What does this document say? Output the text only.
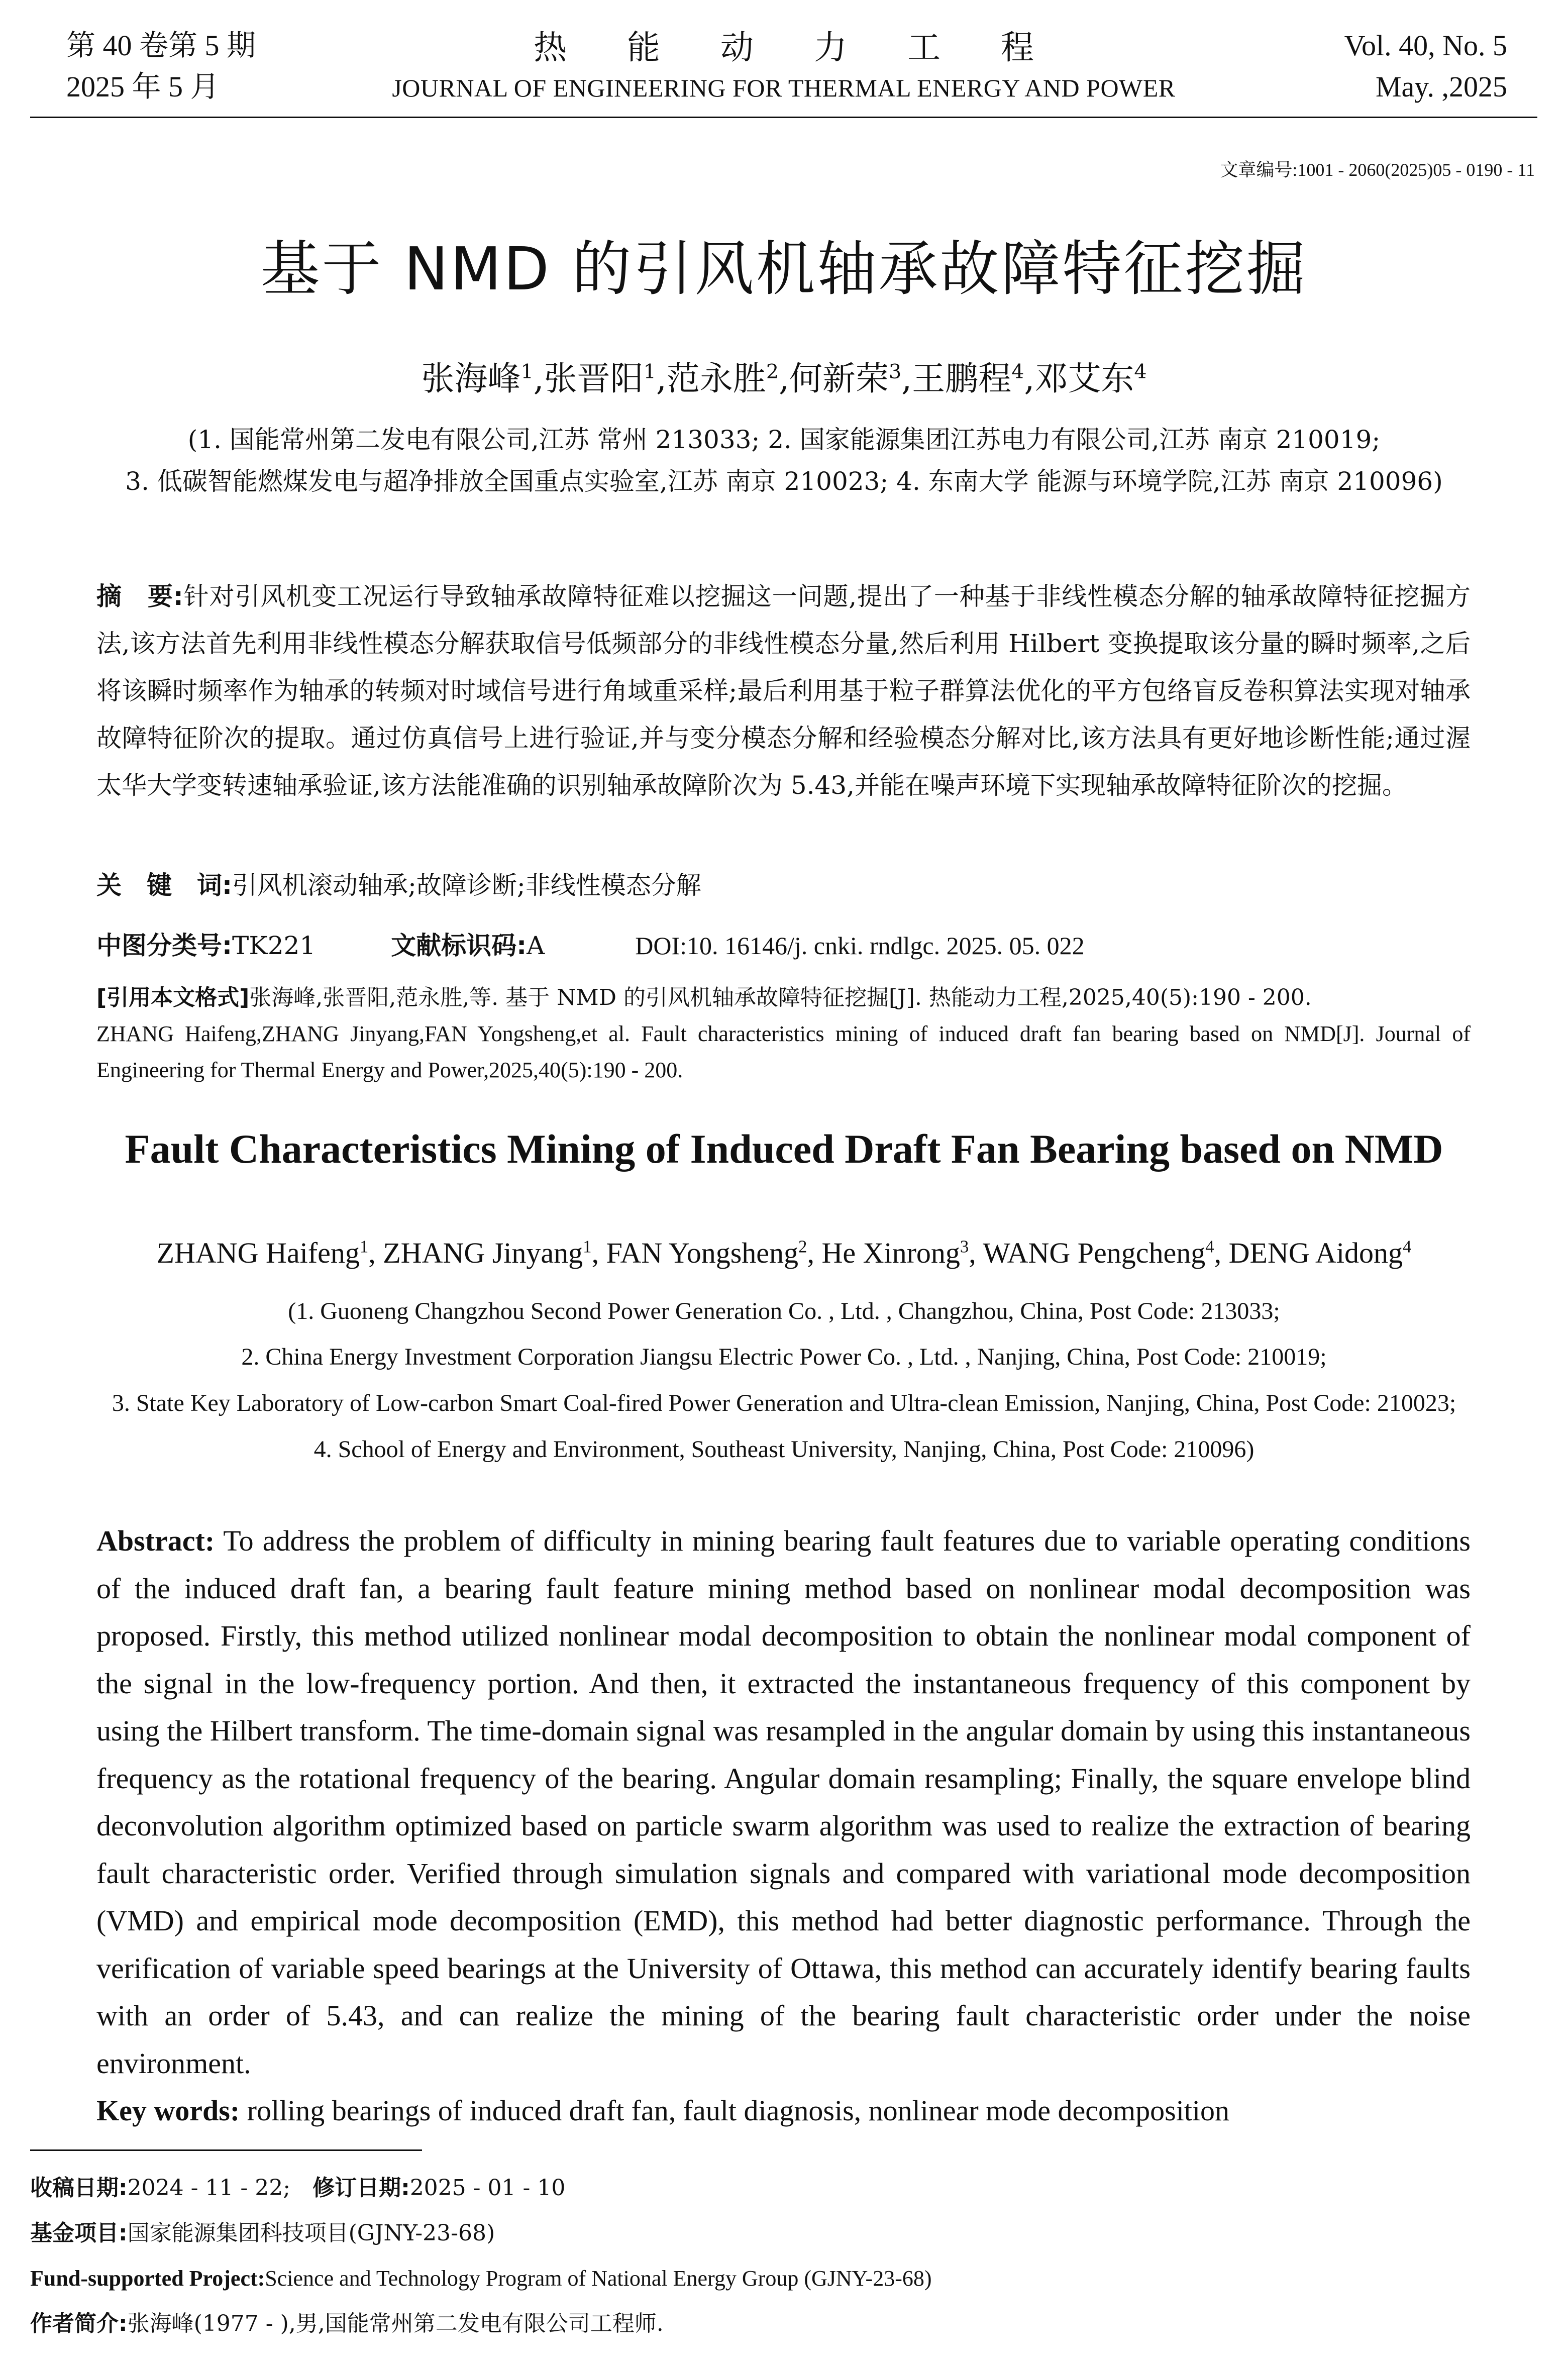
第 40 卷第 5 期
2025 年 5 月
热能动力工程
JOURNAL OF ENGINEERING FOR THERMAL ENERGY AND POWER
Vol. 40, No. 5
May. ,2025
文章编号:1001 - 2060(2025)05 - 0190 - 11
基于 NMD 的引风机轴承故障特征挖掘
张海峰$^1$,张晋阳$^1$,范永胜$^2$,何新荣$^3$,王鹏程$^4$,邓艾东$^4$
(1. 国能常州第二发电有限公司,江苏 常州 213033; 2. 国家能源集团江苏电力有限公司,江苏 南京 210019;
3. 低碳智能燃煤发电与超净排放全国重点实验室,江苏 南京 210023; 4. 东南大学 能源与环境学院,江苏 南京 210096)
摘　要:针对引风机变工况运行导致轴承故障特征难以挖掘这一问题,提出了一种基于非线性模态分解的轴承故障特征挖掘方法,该方法首先利用非线性模态分解获取信号低频部分的非线性模态分量,然后利用 Hilbert 变换提取该分量的瞬时频率,之后将该瞬时频率作为轴承的转频对时域信号进行角域重采样;最后利用基于粒子群算法优化的平方包络盲反卷积算法实现对轴承故障特征阶次的提取。通过仿真信号上进行验证,并与变分模态分解和经验模态分解对比,该方法具有更好地诊断性能;通过渥太华大学变转速轴承验证,该方法能准确的识别轴承故障阶次为 5.43,并能在噪声环境下实现轴承故障特征阶次的挖掘。
关　键　词:引风机滚动轴承;故障诊断;非线性模态分解
中图分类号:TK221	文献标识码:A	DOI:10. 16146/j. cnki. rndlgc. 2025. 05. 022
[引用本文格式]张海峰,张晋阳,范永胜,等. 基于 NMD 的引风机轴承故障特征挖掘[J]. 热能动力工程,2025,40(5):190 - 200.
ZHANG Haifeng,ZHANG Jinyang,FAN Yongsheng,et al. Fault characteristics mining of induced draft fan bearing based on NMD[J]. Journal of Engineering for Thermal Energy and Power,2025,40(5):190 - 200.
Fault Characteristics Mining of Induced Draft Fan Bearing based on NMD
ZHANG Haifeng$^1$, ZHANG Jinyang$^1$, FAN Yongsheng$^2$, He Xinrong$^3$, WANG Pengcheng$^4$, DENG Aidong$^4$
(1. Guoneng Changzhou Second Power Generation Co. , Ltd. , Changzhou, China, Post Code: 213033;
2. China Energy Investment Corporation Jiangsu Electric Power Co. , Ltd. , Nanjing, China, Post Code: 210019;
3. State Key Laboratory of Low-carbon Smart Coal-fired Power Generation and Ultra-clean Emission, Nanjing, China, Post Code: 210023;
4. School of Energy and Environment, Southeast University, Nanjing, China, Post Code: 210096)
Abstract: To address the problem of difficulty in mining bearing fault features due to variable operating conditions of the induced draft fan, a bearing fault feature mining method based on nonlinear modal decomposition was proposed. Firstly, this method utilized nonlinear modal decomposition to obtain the nonlinear modal component of the signal in the low-frequency portion. And then, it extracted the instantaneous frequency of this component by using the Hilbert transform. The time-domain signal was resampled in the angular domain by using this instantaneous frequency as the rotational frequency of the bearing. Angular domain resampling; Finally, the square envelope blind deconvolution algorithm optimized based on particle swarm algorithm was used to realize the extraction of bearing fault characteristic order. Verified through simulation signals and compared with variational mode decomposition (VMD) and empirical mode decomposition (EMD), this method had better diagnostic performance. Through the verification of variable speed bearings at the University of Ottawa, this method can accurately identify bearing faults with an order of 5.43, and can realize the mining of the bearing fault characteristic order under the noise environment.
Key words: rolling bearings of induced draft fan, fault diagnosis, nonlinear mode decomposition
收稿日期:2024 - 11 - 22;　修订日期:2025 - 01 - 10
基金项目:国家能源集团科技项目(GJNY-23-68)
Fund-supported Project:Science and Technology Program of National Energy Group (GJNY-23-68)
作者简介:张海峰(1977 - ),男,国能常州第二发电有限公司工程师.
